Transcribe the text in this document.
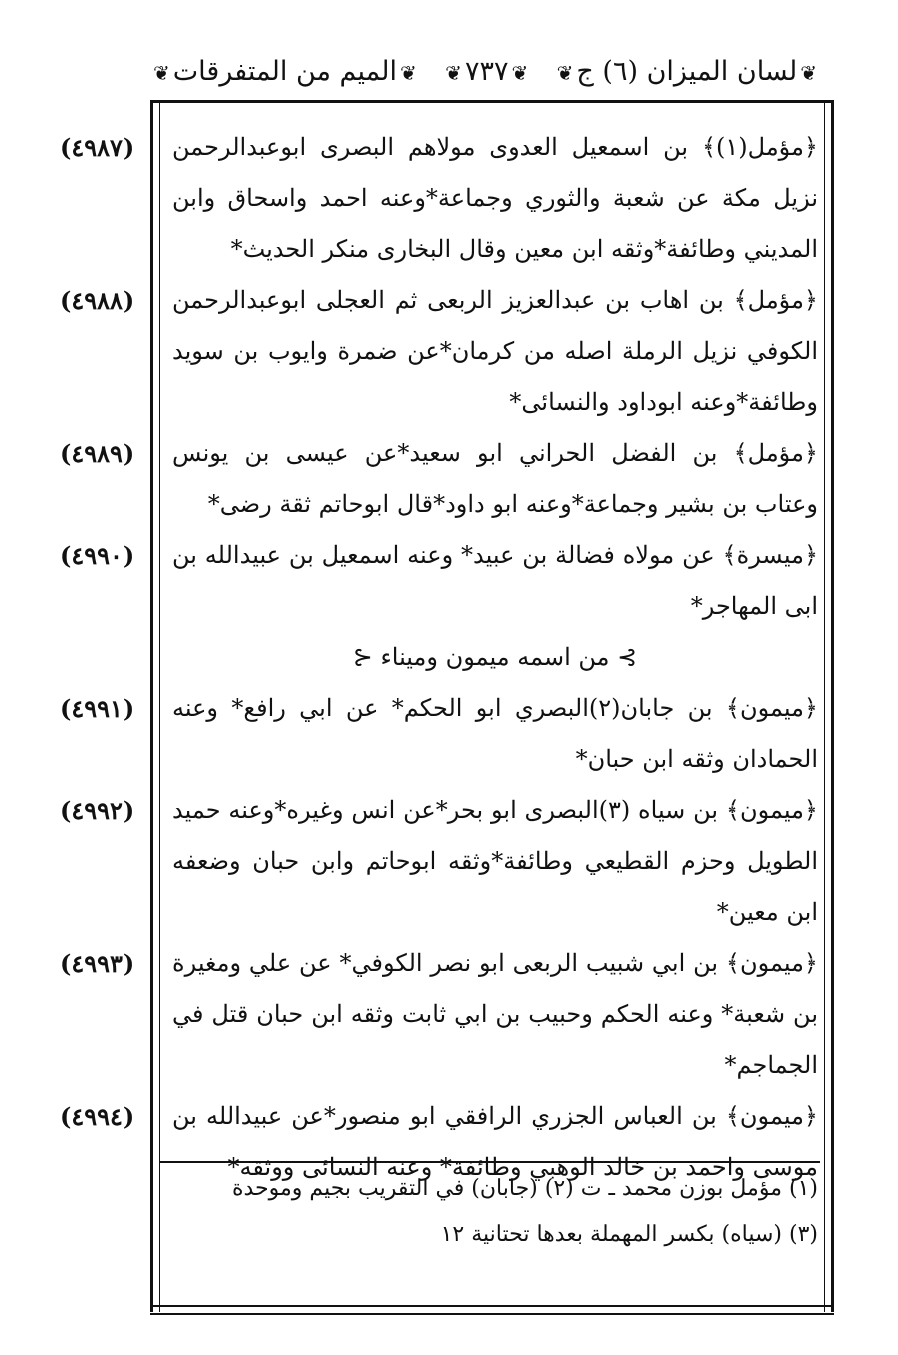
❦الميم من المتفرقات❦	❦٧٣٧❦	❦لسان الميزان (٦) ج❦

(٤٩٨٧) ﴿مؤمل(١)﴾ بن اسمعيل العدوى مولاهم البصرى ابوعبدالرحمن نزيل مكة عن شعبة والثوري وجماعة*وعنه احمد واسحاق وابن المديني وطائفة*وثقه ابن معين وقال البخارى منكر الحديث*

(٤٩٨٨) ﴿مؤمل﴾ بن اهاب بن عبدالعزيز الربعى ثم العجلى ابوعبدالرحمن الكوفي نزيل الرملة اصله من كرمان*عن ضمرة وايوب بن سويد وطائفة*وعنه ابوداود والنسائى*

(٤٩٨٩) ﴿مؤمل﴾ بن الفضل الحراني ابو سعيد*عن عيسى بن يونس وعتاب بن بشير وجماعة*وعنه ابو داود*قال ابوحاتم ثقة رضى*

(٤٩٩٠) ﴿ميسرة﴾ عن مولاه فضالة بن عبيد* وعنه اسمعيل بن عبيدالله بن ابى المهاجر*

⊱ من اسمه ميمون وميناء ⊰

(٤٩٩١) ﴿ميمون﴾ بن جابان(٢)البصري ابو الحكم* عن ابي رافع* وعنه الحمادان وثقه ابن حبان*

(٤٩٩٢) ﴿ميمون﴾ بن سياه (٣)البصرى ابو بحر*عن انس وغيره*وعنه حميد الطويل وحزم القطيعي وطائفة*وثقه ابوحاتم وابن حبان وضعفه ابن معين*

(٤٩٩٣) ﴿ميمون﴾ بن ابي شبيب الربعى ابو نصر الكوفي* عن علي ومغيرة بن شعبة* وعنه الحكم وحبيب بن ابي ثابت وثقه ابن حبان قتل في الجماجم*

(٤٩٩٤) ﴿ميمون﴾ بن العباس الجزري الرافقي ابو منصور*عن عبيدالله بن موسى واحمد بن خالد الوهبي وطائفة* وعنه النسائى ووثقه*

(١) مؤمل بوزن محمد ـ ت (٢) (جابان) في التقريب بجيم وموحدة

(٣) (سياه) بكسر المهملة بعدها تحتانية ١٢
